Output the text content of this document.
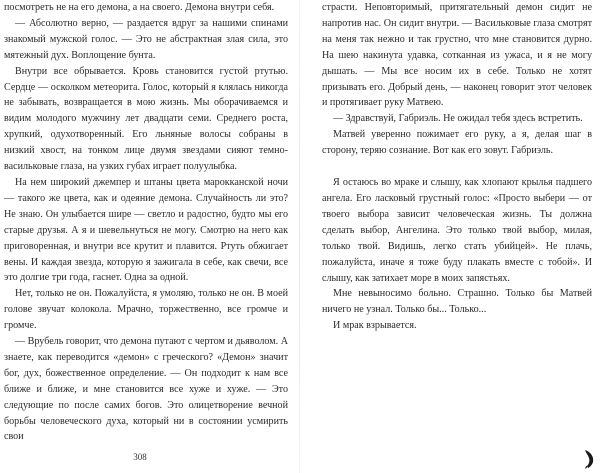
посмотреть не на его демона, а на своего. Демона внутри себя.

— Абсолютно верно, — раздается вдруг за нашими спинами знакомый мужской голос. — Это не абстрактная злая сила, это мятежный дух. Воплощение бунта.

Внутри все обрывается. Кровь становится густой ртутью. Сердце — осколком метеорита. Голос, который я клялась никогда не забывать, возвращается в мою жизнь. Мы оборачиваемся и видим молодого мужчину лет двадцати семи. Среднего роста, хрупкий, одухотворенный. Его льняные волосы собраны в низкий хвост, на тонком лице двумя звездами сияют темно-васильковые глаза, на узких губах играет полуулыбка.

На нем широкий джемпер и штаны цвета марокканской ночи — такого же цвета, как и одеяние демона. Случайность ли это? Не знаю. Он улыбается шире — светло и радостно, будто мы его старые друзья. А я и шевельнуться не могу. Смотрю на него как приговоренная, и внутри все крутит и плавится. Ртуть обжигает вены. И каждая звезда, которую я зажигала в себе, как свечи, все это долгие три года, гаснет. Одна за одной.

Нет, только не он. Пожалуйста, я умоляю, только не он. В моей голове звучат колокола. Мрачно, торжественно, все громче и громче.

— Врубель говорит, что демона путают с чертом и дьяволом. А знаете, как переводится «демон» с греческого? «Демон» значит бог, дух, божественное определение. — Он подходит к нам все ближе и ближе, и мне становится все хуже и хуже. — Это следующие по после самих богов. Это олицетворение вечной борьбы человеческого духа, который ни в состоянии усмирить свои

308

страсти. Неповторимый, притягательный демон сидит не напротив нас. Он сидит внутри. — Васильковые глаза смотрят на меня так нежно и так грустно, что мне становится дурно. На шею накинута удавка, сотканная из ужаса, и я не могу дышать. — Мы все носим их в себе. Только не хотят призывать его. Добрый день, — наконец говорит этот человек и протягивает руку Матвею.

— Здравствуй, Габриэль. Не ожидал тебя здесь встретить.

Матвей уверенно пожимает его руку, а я, делая шаг в сторону, теряю сознание. Вот как его зовут. Габриэль.

Я остаюсь во мраке и слышу, как хлопают крылья падшего ангела. Его ласковый грустный голос: «Просто выбери — от твоего выбора зависит человеческая жизнь. Ты должна сделать выбор, Ангелина. Это только твой выбор, милая, только твой. Видишь, легко стать убийцей». Не плачь, пожалуйста, иначе я тоже буду плакать вместе с тобой». И слышу, как затихает море в моих запястьях.

Мне невыносимо больно. Страшно. Только бы Матвей ничего не узнал. Только бы... Только...

И мрак взрывается.
